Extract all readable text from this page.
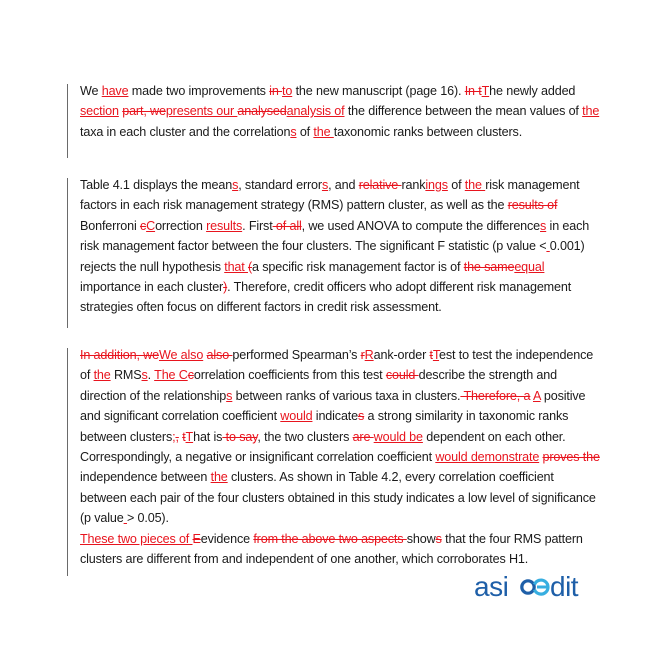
We have made two improvements in to the new manuscript (page 16). In tThe newly added section part, wepresents our analysedanalysis of the difference between the mean values of the taxa in each cluster and the correlations of the taxonomic ranks between clusters.
Table 4.1 displays the means, standard errors, and relative rankings of the risk management factors in each risk management strategy (RMS) pattern cluster, as well as the results of Bonferroni cCorrection results. First of all, we used ANOVA to compute the differences in each risk management factor between the four clusters. The significant F statistic (p value < 0.001) rejects the null hypothesis that (a specific risk management factor is of the sameequal importance in each cluster). Therefore, credit officers who adopt different risk management strategies often focus on different factors in credit risk assessment.
In addition, weWe also also performed Spearman’s rRank-order tTest to test the independence of the RMSs. The Ccorrelation coefficients from this test could describe the strength and direction of the relationships between ranks of various taxa in clusters. Therefore, a A positive and significant correlation coefficient would indicates a strong similarity in taxonomic ranks between clusters;, tThat is to say, the two clusters are would be dependent on each other. Correspondingly, a negative or insignificant correlation coefficient would demonstrate proves the independence between the clusters. As shown in Table 4.2, every correlation coefficient between each pair of the four clusters obtained in this study indicates a low level of significance (p value > 0.05).
These two pieces of Eevidence from the above two aspects shows that the four RMS pattern clusters are different from and independent of one another, which corroborates H1.
asi dit
